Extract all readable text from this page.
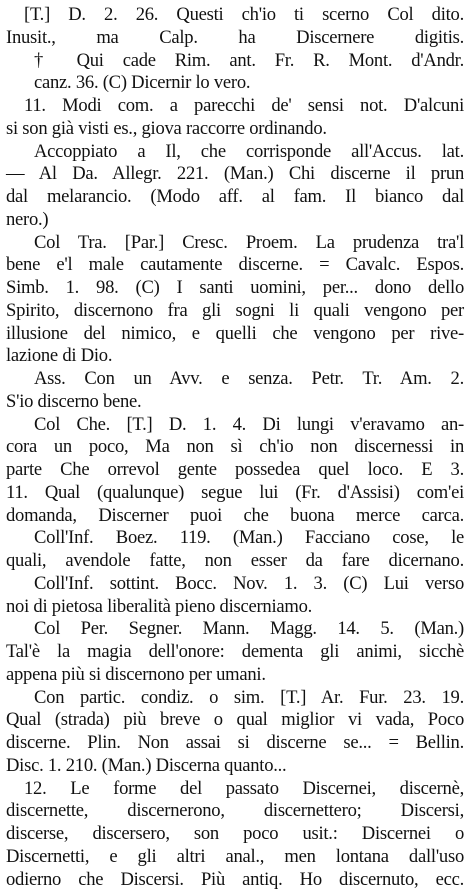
[T.] D. 2. 26. Questi ch'io ti scerno Col dito.
Inusit., ma Calp. ha Discernere digitis.
† Qui cade Rim. ant. Fr. R. Mont. d'Andr.
canz. 36. (C) Dicernir lo vero.
11. Modi com. a parecchi de' sensi not. D'alcuni
si son già visti es., giova raccorre ordinando.
Accoppiato a Il, che corrisponde all'Accus. lat.
— Al Da. Allegr. 221. (Man.) Chi discerne il prun
dal melarancio. (Modo aff. al fam. Il bianco dal
nero.)
Col Tra. [Par.] Cresc. Proem. La prudenza tra'l
bene e'l male cautamente discerne. = Cavalc. Espos.
Simb. 1. 98. (C) I santi uomini, per... dono dello
Spirito, discernono fra gli sogni li quali vengono per
illusione del nimico, e quelli che vengono per rive-
lazione di Dio.
Ass. Con un Avv. e senza. Petr. Tr. Am. 2.
S'io discerno bene.
Col Che. [T.] D. 1. 4. Di lungi v'eravamo an-
cora un poco, Ma non sì ch'io non discernessi in
parte Che orrevol gente possedea quel loco. E 3.
11. Qual (qualunque) segue lui (Fr. d'Assisi) com'ei
domanda, Discerner puoi che buona merce carca.
Coll'Inf. Boez. 119. (Man.) Facciano cose, le
quali, avendole fatte, non esser da fare dicernano.
Coll'Inf. sottint. Bocc. Nov. 1. 3. (C) Lui verso
noi di pietosa liberalità pieno discerniamo.
Col Per. Segner. Mann. Magg. 14. 5. (Man.)
Tal'è la magia dell'onore: dementa gli animi, sicchè
appena più si discernono per umani.
Con partic. condiz. o sim. [T.] Ar. Fur. 23. 19.
Qual (strada) più breve o qual miglior vi vada, Poco
discerne. Plin. Non assai si discerne se... = Bellin.
Disc. 1. 210. (Man.) Discerna quanto...
12. Le forme del passato Discernei, discernè,
discernette, discernerono, discernettero; Discersi,
discerse, discersero, son poco usit.: Discernei o
Discernetti, e gli altri anal., men lontana dall'uso
odierno che Discersi. Più antiq. Ho discernuto, ecc.
